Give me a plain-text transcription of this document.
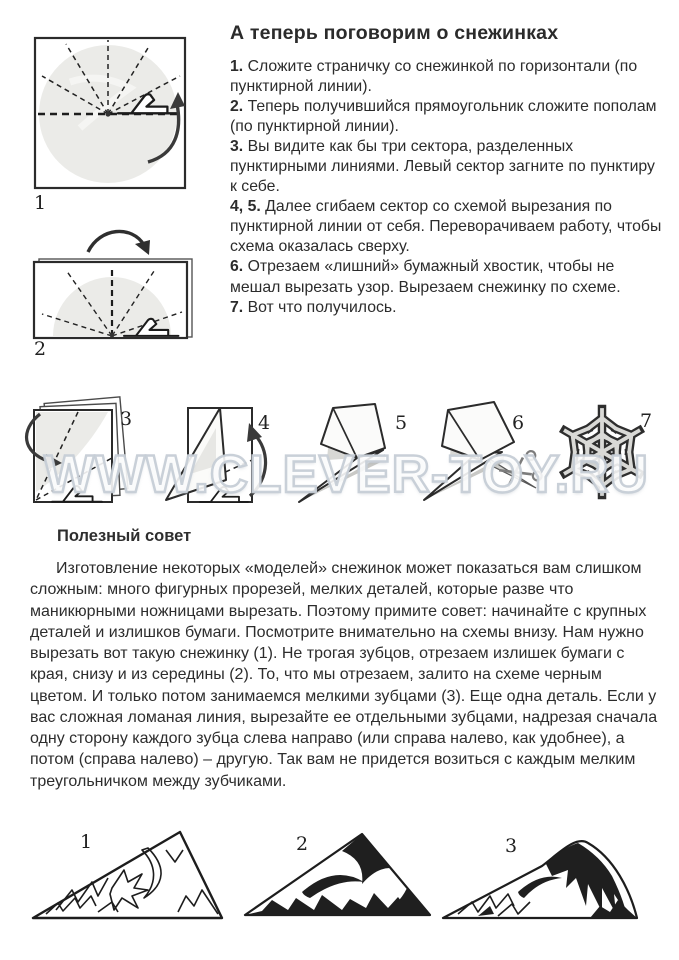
1
2
А теперь поговорим о снежинках

1. Сложите страничку со снежинкой по горизонтали (по пунктирной линии).

2. Теперь получившийся прямоугольник сложите пополам (по пунктирной линии).

3. Вы видите как бы три сектора, разделенных пунктирными линиями. Левый сектор загните по пунктиру к себе.

4, 5. Далее сгибаем сектор со схемой вырезания по пунктирной линии от себя. Переворачиваем работу, чтобы схема оказалась сверху.

6. Отрезаем «лишний» бумажный хвостик, чтобы не мешал вырезать узор. Вырезаем снежинку по схеме.

7. Вот что получилось.

3	4	5	6	7
WWW.CLEVER-TOY.RU
Полезный совет

Изготовление некоторых «моделей» снежинок может показаться вам слишком сложным: много фигурных прорезей, мелких деталей, которые разве что маникюрными ножницами вырезать. Поэтому примите совет: начинайте с крупных деталей и излишков бумаги. Посмотрите внимательно на схемы внизу. Нам нужно вырезать вот такую снежинку (1). Не трогая зубцов, отрезаем излишек бумаги с края, снизу и из середины (2). То, что мы отрезаем, залито на схеме черным цветом. И только потом занимаемся мелкими зубцами (3). Еще одна деталь. Если у вас сложная ломаная линия, вырезайте ее отдельными зубцами, надрезая сначала одну сторону каждого зубца слева направо (или справа налево, как удобнее), а потом (справа налево) – другую. Так вам не придется возиться с каждым мелким треугольничком между зубчиками.

1	2	3
